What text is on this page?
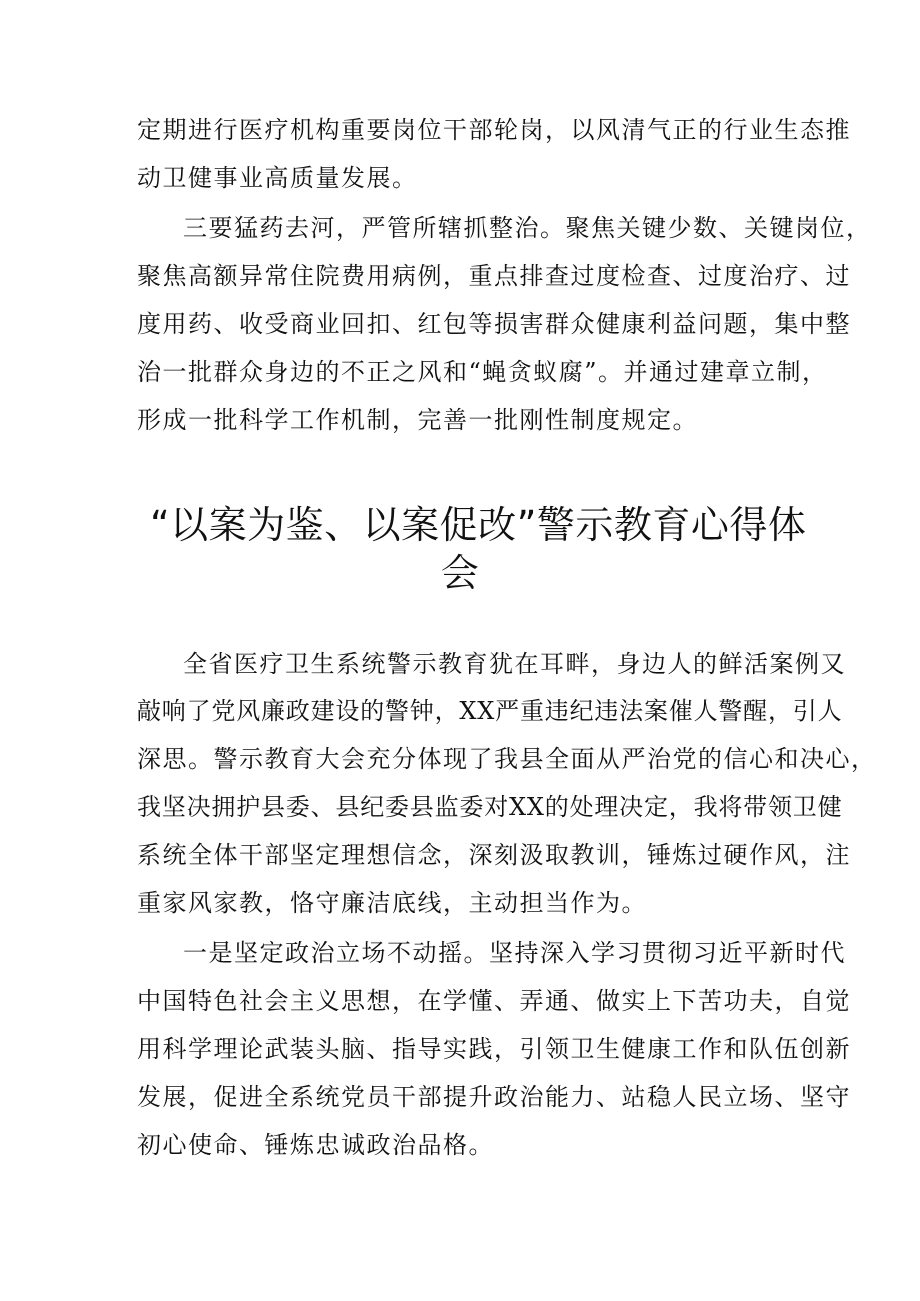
定期进行医疗机构重要岗位干部轮岗，以风清气正的行业生态推
动卫健事业高质量发展。
三要猛药去河，严管所辖抓整治。聚焦关键少数、关键岗位，
聚焦高额异常住院费用病例，重点排查过度检查、过度治疗、过
度用药、收受商业回扣、红包等损害群众健康利益问题，集中整
治一批群众身边的不正之风和“蝇贪蚁腐”。并通过建章立制，
形成一批科学工作机制，完善一批刚性制度规定。
“以案为鉴、以案促改”警示教育心得体
会
全省医疗卫生系统警示教育犹在耳畔，身边人的鲜活案例又
敲响了党风廉政建设的警钟，XX严重违纪违法案催人警醒，引人
深思。警示教育大会充分体现了我县全面从严治党的信心和决心，
我坚决拥护县委、县纪委县监委对XX的处理决定，我将带领卫健
系统全体干部坚定理想信念，深刻汲取教训，锤炼过硬作风，注
重家风家教，恪守廉洁底线，主动担当作为。
一是坚定政治立场不动摇。坚持深入学习贯彻习近平新时代
中国特色社会主义思想，在学懂、弄通、做实上下苦功夫，自觉
用科学理论武装头脑、指导实践，引领卫生健康工作和队伍创新
发展，促进全系统党员干部提升政治能力、站稳人民立场、坚守
初心使命、锤炼忠诚政治品格。
